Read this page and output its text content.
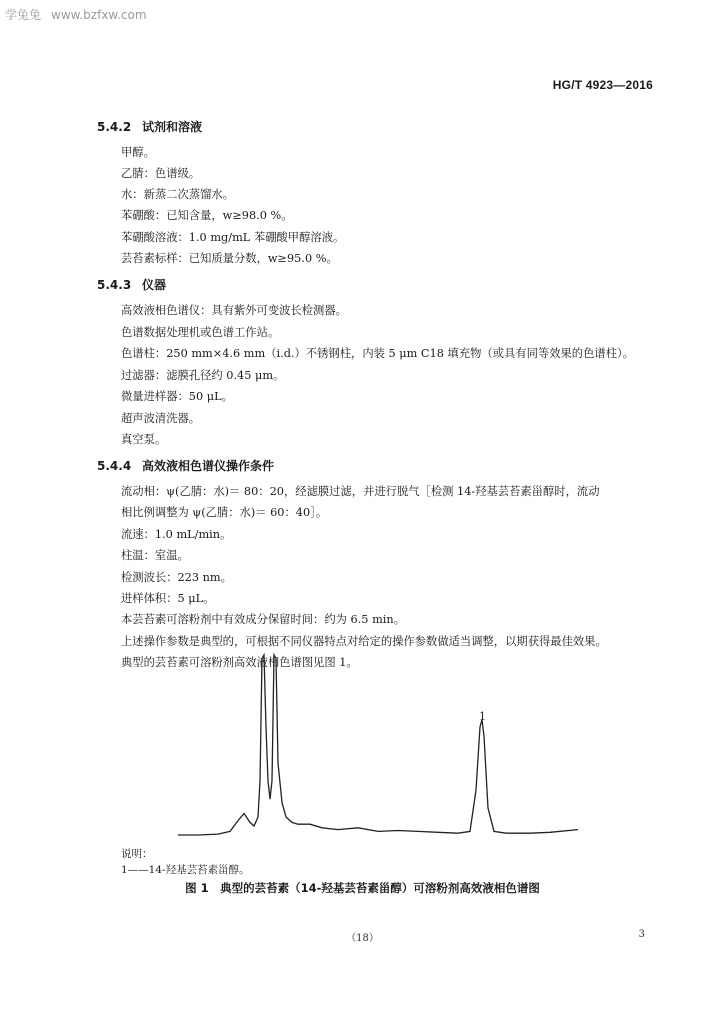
学兔兔 www.bzfxw.com
HG/T 4923—2016
5.4.2 试剂和溶液
甲醇。
乙腈：色谱级。
水：新蒸二次蒸馏水。
苯硼酸：已知含量，w≥98.0 %。
苯硼酸溶液：1.0 mg/mL 苯硼酸甲醇溶液。
芸苔素标样：已知质量分数，w≥95.0 %。
5.4.3 仪器
高效液相色谱仪：具有紫外可变波长检测器。
色谱数据处理机或色谱工作站。
色谱柱：250 mm×4.6 mm（i.d.）不锈钢柱，内装 5 μm C18 填充物（或具有同等效果的色谱柱）。
过滤器：滤膜孔径约 0.45 μm。
微量进样器：50 μL。
超声波清洗器。
真空泵。
5.4.4 高效液相色谱仪操作条件
流动相：ψ(乙腈：水)＝ 80：20，经滤膜过滤，并进行脱气［检测 14-羟基芸苔素甾醇时，流动
相比例调整为 ψ(乙腈：水)＝ 60：40］。
流速：1.0 mL/min。
柱温：室温。
检测波长：223 nm。
进样体积：5 μL。
本芸苔素可溶粉剂中有效成分保留时间：约为 6.5 min。
上述操作参数是典型的，可根据不同仪器特点对给定的操作参数做适当调整，以期获得最佳效果。
典型的芸苔素可溶粉剂高效液相色谱图见图 1。
1
说明：
1——14-羟基芸苔素甾醇。
图 1　典型的芸苔素（14-羟基芸苔素甾醇）可溶粉剂高效液相色谱图
（18）	3
